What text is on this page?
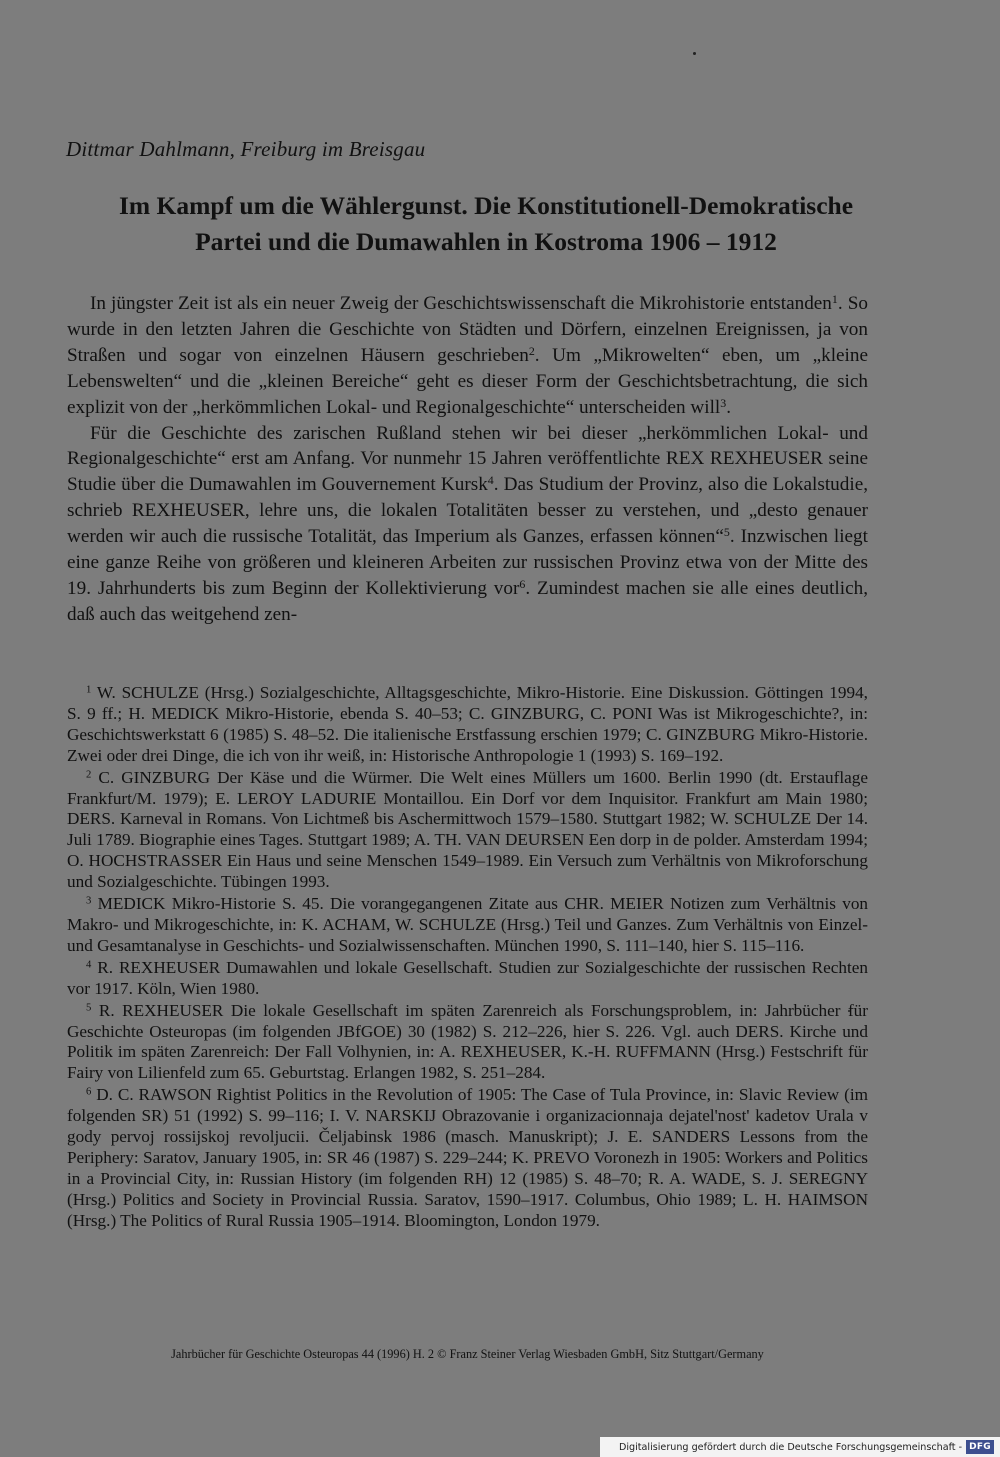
Dittmar Dahlmann, Freiburg im Breisgau
Im Kampf um die Wählergunst. Die Konstitutionell-Demokratische
Partei und die Dumawahlen in Kostroma 1906 – 1912

In jüngster Zeit ist als ein neuer Zweig der Geschichtswissenschaft die Mikrohistorie entstanden$^1$. So wurde in den letzten Jahren die Geschichte von Städten und Dörfern, einzelnen Ereignissen, ja von Straßen und sogar von einzelnen Häusern geschrieben$^2$. Um „Mikrowelten“ eben, um „kleine Lebenswelten“ und die „kleinen Bereiche“ geht es dieser Form der Geschichtsbetrachtung, die sich explizit von der „herkömmlichen Lokal- und Regionalgeschichte“ unterscheiden will$^3$.

Für die Geschichte des zarischen Rußland stehen wir bei dieser „herkömmlichen Lokal- und Regionalgeschichte“ erst am Anfang. Vor nunmehr 15 Jahren veröffentlichte REX REXHEUSER seine Studie über die Dumawahlen im Gouvernement Kursk$^4$. Das Studium der Provinz, also die Lokalstudie, schrieb REXHEUSER, lehre uns, die lokalen Totalitäten besser zu verstehen, und „desto genauer werden wir auch die russische Totalität, das Imperium als Ganzes, erfassen können“$^5$. Inzwischen liegt eine ganze Reihe von größeren und kleineren Arbeiten zur russischen Provinz etwa von der Mitte des 19. Jahrhunderts bis zum Beginn der Kollektivierung vor$^6$. Zumindest machen sie alle eines deutlich, daß auch das weitgehend zen-

$^1$ W. SCHULZE (Hrsg.) Sozialgeschichte, Alltagsgeschichte, Mikro-Historie. Eine Diskussion. Göttingen 1994, S. 9 ff.; H. MEDICK Mikro-Historie, ebenda S. 40–53; C. GINZBURG, C. PONI Was ist Mikrogeschichte?, in: Geschichtswerkstatt 6 (1985) S. 48–52. Die italienische Erstfassung erschien 1979; C. GINZBURG Mikro-Historie. Zwei oder drei Dinge, die ich von ihr weiß, in: Historische Anthropologie 1 (1993) S. 169–192.

$^2$ C. GINZBURG Der Käse und die Würmer. Die Welt eines Müllers um 1600. Berlin 1990 (dt. Erstauflage Frankfurt/M. 1979); E. LEROY LADURIE Montaillou. Ein Dorf vor dem Inquisitor. Frankfurt am Main 1980; DERS. Karneval in Romans. Von Lichtmeß bis Aschermittwoch 1579–1580. Stuttgart 1982; W. SCHULZE Der 14. Juli 1789. Biographie eines Tages. Stuttgart 1989; A. TH. VAN DEURSEN Een dorp in de polder. Amsterdam 1994; O. HOCHSTRASSER Ein Haus und seine Menschen 1549–1989. Ein Versuch zum Verhältnis von Mikroforschung und Sozialgeschichte. Tübingen 1993.

$^3$ MEDICK Mikro-Historie S. 45. Die vorangegangenen Zitate aus CHR. MEIER Notizen zum Verhältnis von Makro- und Mikrogeschichte, in: K. ACHAM, W. SCHULZE (Hrsg.) Teil und Ganzes. Zum Verhältnis von Einzel- und Gesamtanalyse in Geschichts- und Sozialwissenschaften. München 1990, S. 111–140, hier S. 115–116.

$^4$ R. REXHEUSER Dumawahlen und lokale Gesellschaft. Studien zur Sozialgeschichte der russischen Rechten vor 1917. Köln, Wien 1980.

$^5$ R. REXHEUSER Die lokale Gesellschaft im späten Zarenreich als Forschungsproblem, in: Jahrbücher für Geschichte Osteuropas (im folgenden JBfGOE) 30 (1982) S. 212–226, hier S. 226. Vgl. auch DERS. Kirche und Politik im späten Zarenreich: Der Fall Volhynien, in: A. REXHEUSER, K.-H. RUFFMANN (Hrsg.) Festschrift für Fairy von Lilienfeld zum 65. Geburtstag. Erlangen 1982, S. 251–284.

$^6$ D. C. RAWSON Rightist Politics in the Revolution of 1905: The Case of Tula Province, in: Slavic Review (im folgenden SR) 51 (1992) S. 99–116; I. V. NARSKIJ Obrazovanie i organizacionnaja dejatel'nost' kadetov Urala v gody pervoj rossijskoj revoljucii. Čeljabinsk 1986 (masch. Manuskript); J. E. SANDERS Lessons from the Periphery: Saratov, January 1905, in: SR 46 (1987) S. 229–244; K. PREVO Voronezh in 1905: Workers and Politics in a Provincial City, in: Russian History (im folgenden RH) 12 (1985) S. 48–70; R. A. WADE, S. J. SEREGNY (Hrsg.) Politics and Society in Provincial Russia. Saratov, 1590–1917. Columbus, Ohio 1989; L. H. HAIMSON (Hrsg.) The Politics of Rural Russia 1905–1914. Bloomington, London 1979.

Jahrbücher für Geschichte Osteuropas 44 (1996) H. 2 © Franz Steiner Verlag Wiesbaden GmbH, Sitz Stuttgart/Germany
Digitalisierung gefördert durch die Deutsche Forschungsgemeinschaft - DFG
